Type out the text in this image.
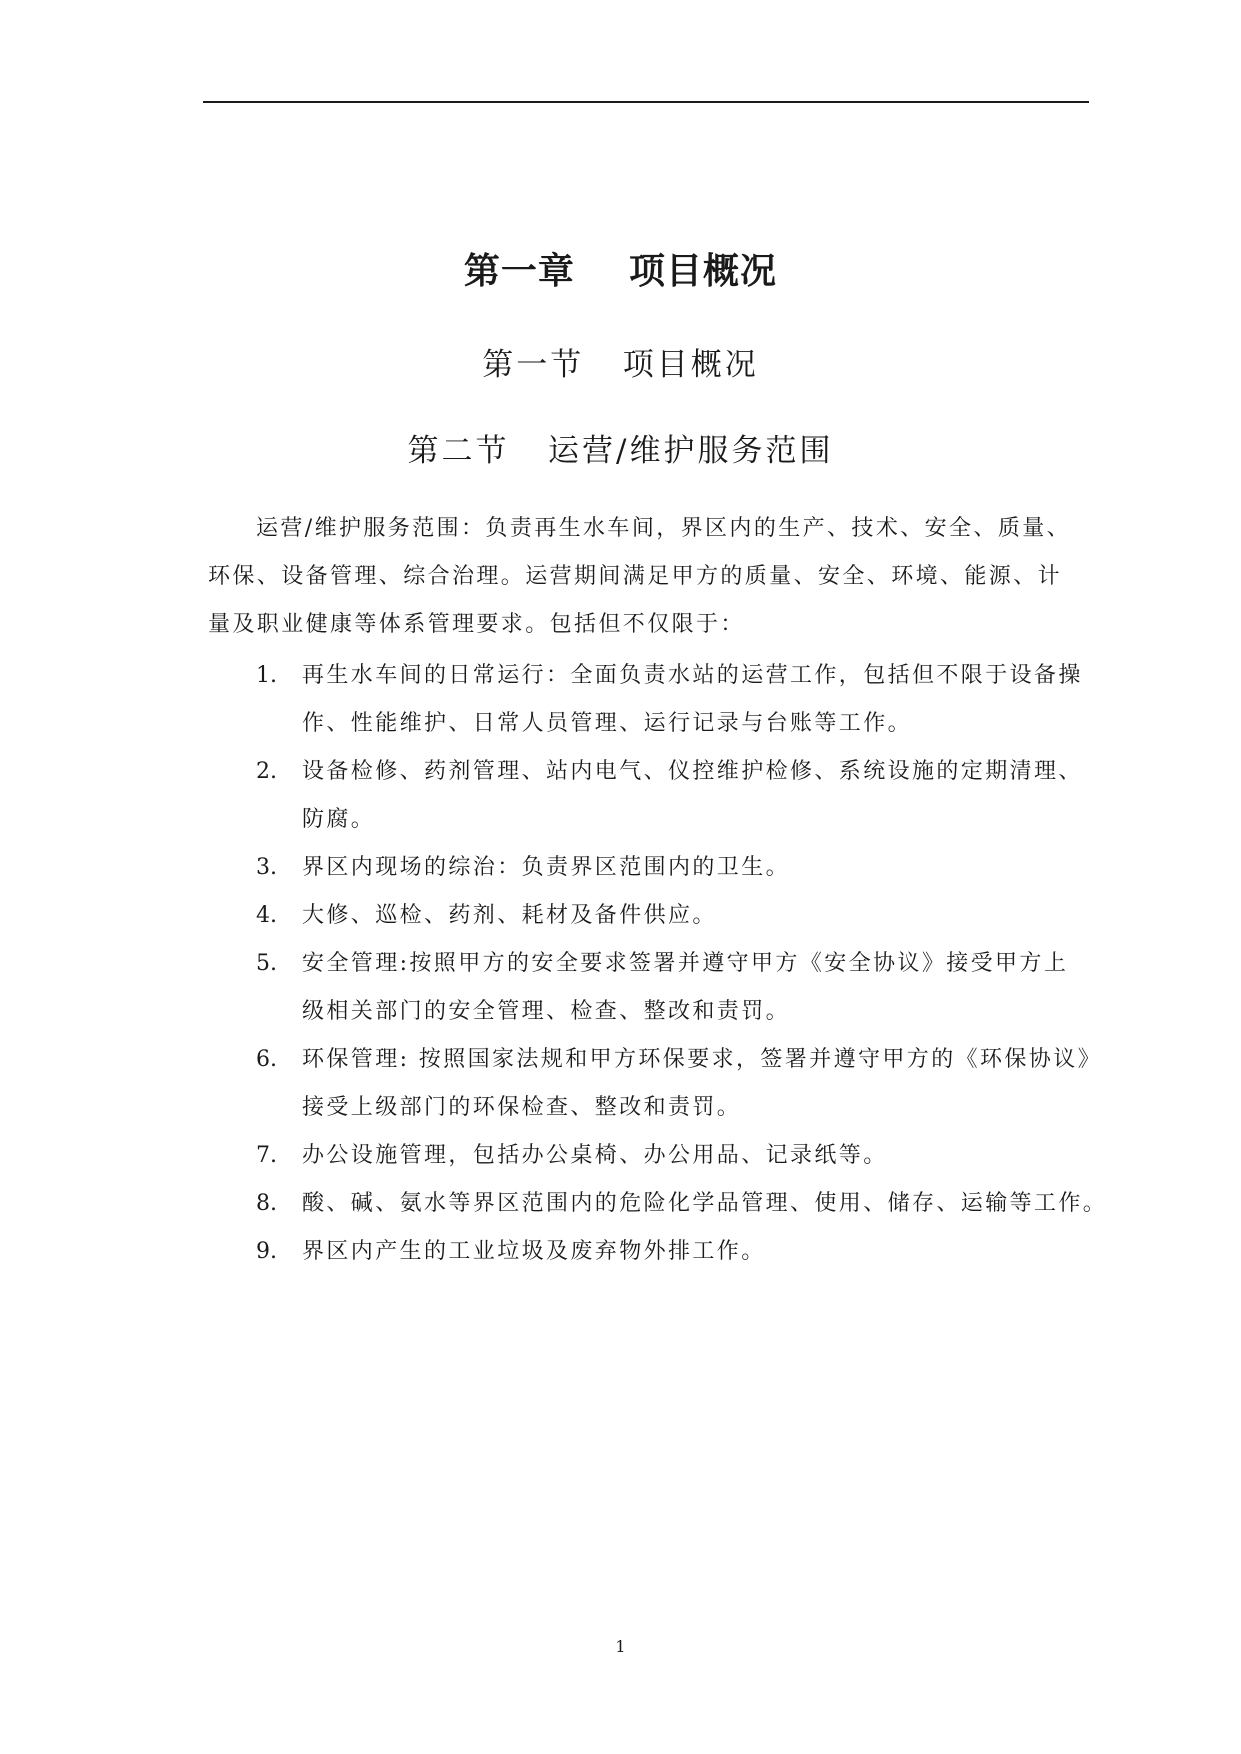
第一章    项目概况
第一节   项目概况
第二节   运营/维护服务范围

运营/维护服务范围：负责再生水车间，界区内的生产、技术、安全、质量、
环保、设备管理、综合治理。运营期间满足甲方的质量、安全、环境、能源、计
量及职业健康等体系管理要求。包括但不仅限于：

1. 再生水车间的日常运行：全面负责水站的运营工作，包括但不限于设备操
作、性能维护、日常人员管理、运行记录与台账等工作。
2. 设备检修、药剂管理、站内电气、仪控维护检修、系统设施的定期清理、
防腐。
3. 界区内现场的综治：负责界区范围内的卫生。
4. 大修、巡检、药剂、耗材及备件供应。
5. 安全管理:按照甲方的安全要求签署并遵守甲方《安全协议》接受甲方上
级相关部门的安全管理、检查、整改和责罚。
6. 环保管理: 按照国家法规和甲方环保要求，签署并遵守甲方的《环保协议》
接受上级部门的环保检查、整改和责罚。
7. 办公设施管理，包括办公桌椅、办公用品、记录纸等。
8. 酸、碱、氨水等界区范围内的危险化学品管理、使用、储存、运输等工作。
9. 界区内产生的工业垃圾及废弃物外排工作。
1
